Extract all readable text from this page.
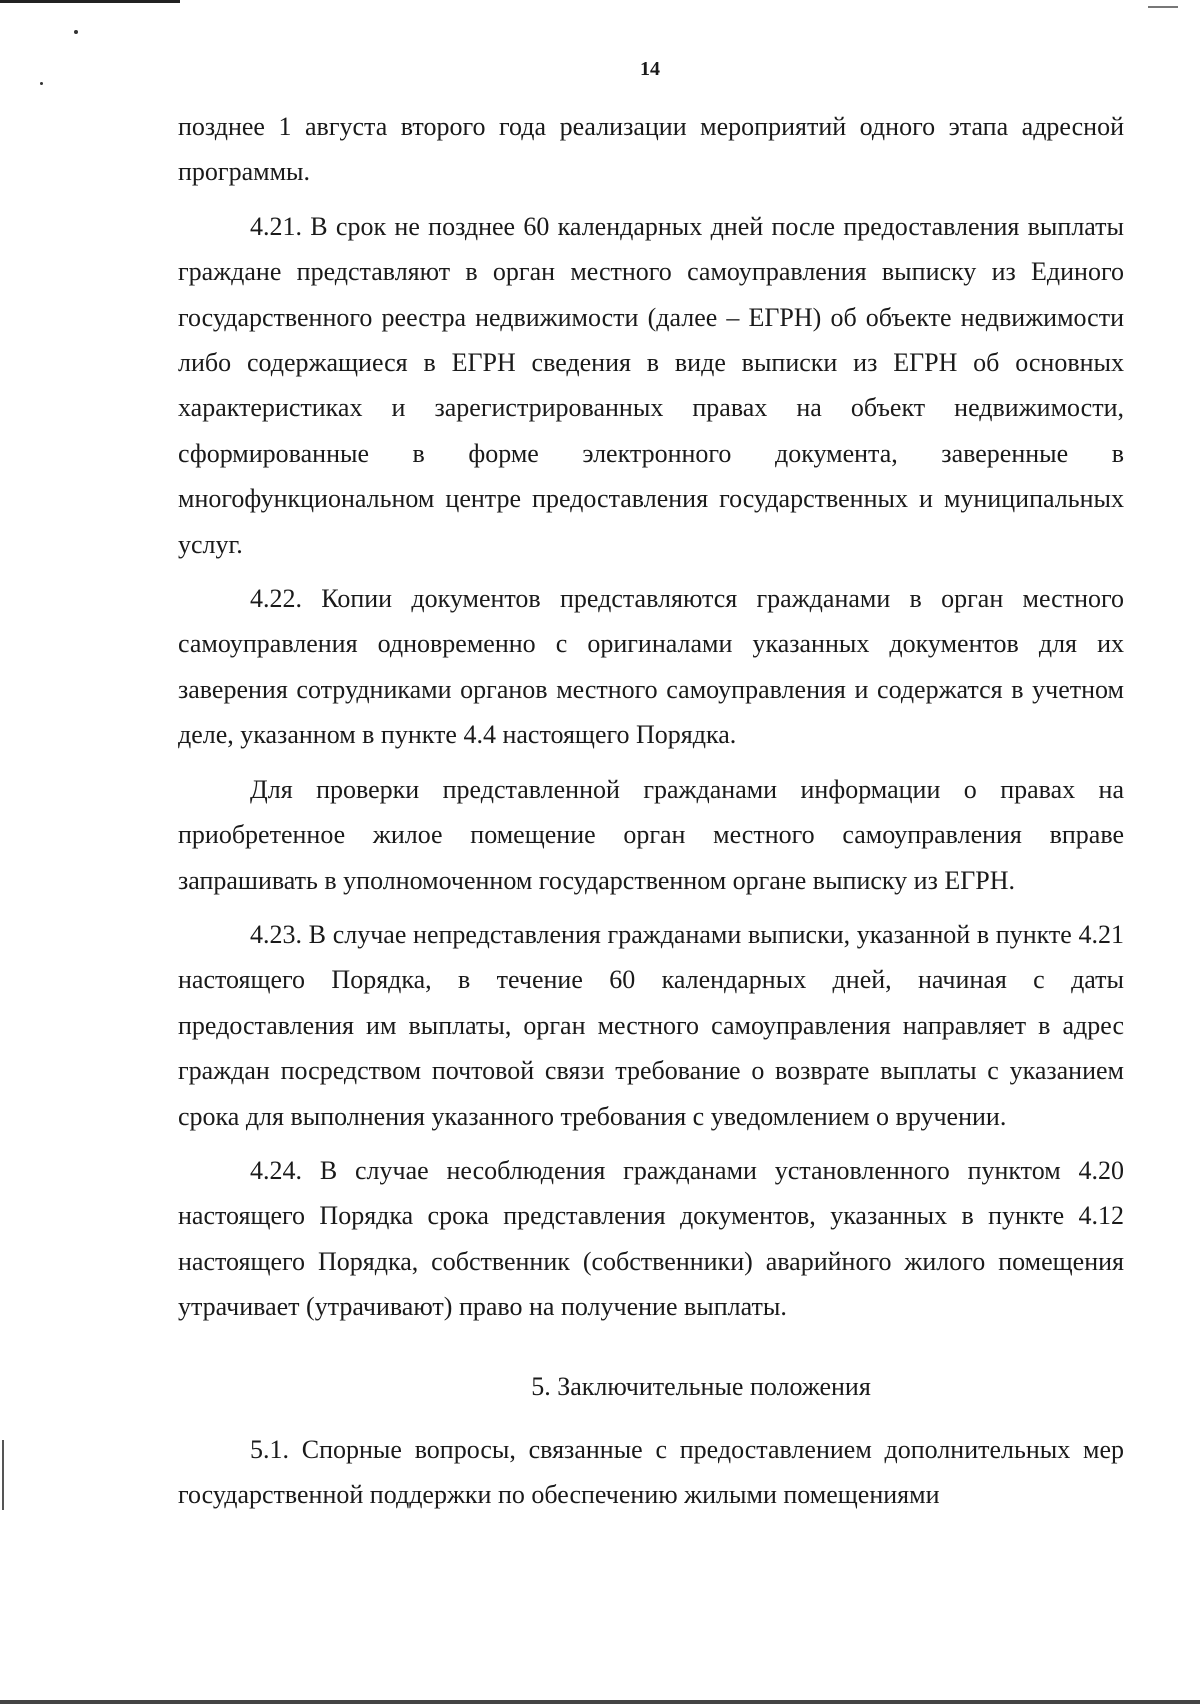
14

позднее 1 августа второго года реализации мероприятий одного этапа адресной программы.

4.21. В срок не позднее 60 календарных дней после предоставления выплаты граждане представляют в орган местного самоуправления выписку из Единого государственного реестра недвижимости (далее – ЕГРН) об объекте недвижимости либо содержащиеся в ЕГРН сведения в виде выписки из ЕГРН об основных характеристиках и зарегистрированных правах на объект недвижимости, сформированные в форме электронного документа, заверенные в многофункциональном центре предоставления государственных и муниципальных услуг.

4.22. Копии документов представляются гражданами в орган местного самоуправления одновременно с оригиналами указанных документов для их заверения сотрудниками органов местного самоуправления и содержатся в учетном деле, указанном в пункте 4.4 настоящего Порядка.

Для проверки представленной гражданами информации о правах на приобретенное жилое помещение орган местного самоуправления вправе запрашивать в уполномоченном государственном органе выписку из ЕГРН.

4.23. В случае непредставления гражданами выписки, указанной в пункте 4.21 настоящего Порядка, в течение 60 календарных дней, начиная с даты предоставления им выплаты, орган местного самоуправления направляет в адрес граждан посредством почтовой связи требование о возврате выплаты с указанием срока для выполнения указанного требования с уведомлением о вручении.

4.24. В случае несоблюдения гражданами установленного пунктом 4.20 настоящего Порядка срока представления документов, указанных в пункте 4.12 настоящего Порядка, собственник (собственники) аварийного жилого помещения утрачивает (утрачивают) право на получение выплаты.

5. Заключительные положения

5.1. Спорные вопросы, связанные с предоставлением дополнительных мер государственной поддержки по обеспечению жилыми помещениями
